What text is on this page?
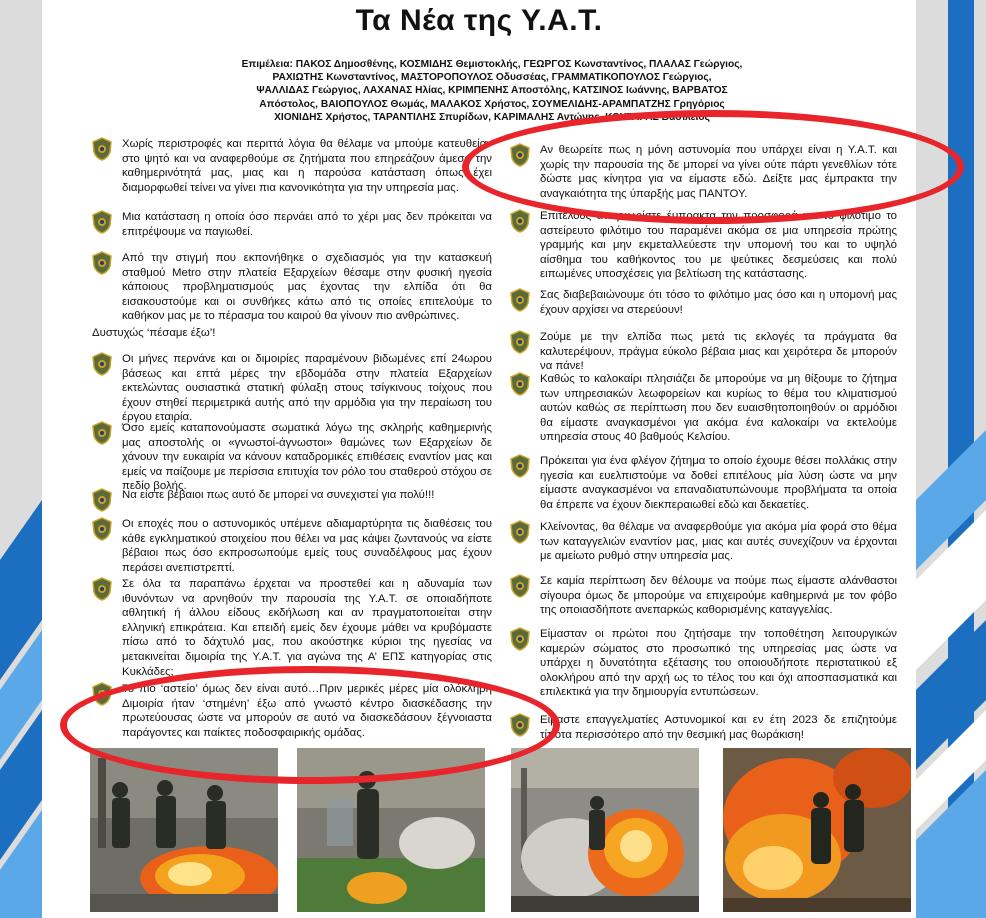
Τα Νέα της Υ.Α.Τ.
Επιμέλεια: ΠΑΚΟΣ Δημοσθένης, ΚΟΣΜΙΔΗΣ Θεμιστοκλής, ΓΕΩΡΓΟΣ Κωνσταντίνος, ΠΛΑΛΑΣ Γεώργιος,
ΡΑΧΙΩΤΗΣ Κωνσταντίνος, ΜΑΣΤΟΡΟΠΟΥΛΟΣ Οδυσσέας, ΓΡΑΜΜΑΤΙΚΟΠΟΥΛΟΣ Γεώργιος,
ΨΑΛΛΙΔΑΣ Γεώργιος, ΛΑΧΑΝΑΣ Ηλίας, ΚΡΙΜΠΕΝΗΣ Αποστόλης, ΚΑΤΣΙΝΟΣ Ιωάννης, ΒΑΡΒΑΤΟΣ
Απόστολος, ΒΑΙΟΠΟΥΛΟΣ Θωμάς, ΜΑΛΑΚΟΣ Χρήστος, ΣΟΥΜΕΛΙΔΗΣ-ΑΡΑΜΠΑΤΖΗΣ Γρηγόριος
ΧΙΟΝΙΔΗΣ Χρήστος, ΤΑΡΑΝΤΙΛΗΣ Σπυρίδων, ΚΑΡΙΜΑΛΗΣ Αντώνης, ΚΟΥΤΑΡΑΣ Βασίλειος
Χωρίς περιστροφές και περιττά λόγια θα θέλαμε να μπούμε κατευθείαν στο ψητό και να αναφερθούμε σε ζητήματα που επηρεάζουν άμεσα την καθημερινότητά μας, μιας και η παρούσα κατάσταση όπως έχει διαμορφωθεί τείνει να γίνει πια κανονικότητα για την υπηρεσία μας.
Μια κατάσταση η οποία όσο περνάει από το χέρι μας δεν πρόκειται να επιτρέψουμε να παγιωθεί.
Από την στιγμή που εκπονήθηκε ο σχεδιασμός για την κατασκευή σταθμού Metro στην πλατεία Εξαρχείων θέσαμε στην φυσική ηγεσία κάποιους προβληματισμούς μας έχοντας την ελπίδα ότι θα εισακουστούμε και οι συνθήκες κάτω από τις οποίες επιτελούμε το καθήκον μας με το πέρασμα του καιρού θα γίνουν πιο ανθρώπινες.
Δυστυχώς ‘πέσαμε έξω’!
Οι μήνες περνάνε και οι διμοιρίες παραμένουν βιδωμένες επί 24ωρου βάσεως και επτά μέρες την εβδομάδα στην πλατεία Εξαρχείων εκτελώντας ουσιαστικά στατική φύλαξη στους τσίγκινους τοίχους που έχουν στηθεί περιμετρικά αυτής από την αρμόδια για την περαίωση του έργου εταιρία.
Όσο εμείς καταπονούμαστε σωματικά λόγω της σκληρής καθημερινής μας αποστολής οι «γνωστοί-άγνωστοι» θαμώνες των Εξαρχείων δε χάνουν την ευκαιρία να κάνουν καταδρομικές επιθέσεις εναντίον μας και εμείς να παίζουμε με περίσσια επιτυχία τον ρόλο του σταθερού στόχου σε πεδίο βολής.
Να είστε βέβαιοι πως αυτό δε μπορεί να συνεχιστεί για πολύ!!!
Οι εποχές που ο αστυνομικός υπέμενε αδιαμαρτύρητα τις διαθέσεις του κάθε εγκληματικού στοιχείου που θέλει να μας κάψει ζωντανούς να είστε βέβαιοι πως όσο εκπροσωπούμε εμείς τους συναδέλφους μας έχουν περάσει ανεπιστρεπτί.
Σε όλα τα παραπάνω έρχεται να προστεθεί και η αδυναμία των ιθυνόντων να αρνηθούν την παρουσία της Υ.Α.Τ. σε οποιαδήποτε αθλητική ή άλλου είδους εκδήλωση και αν πραγματοποιείται στην ελληνική επικράτεια. Και επειδή εμείς δεν έχουμε μάθει να κρυβόμαστε πίσω από το δάχτυλό μας, που ακούστηκε κύριοι της ηγεσίας να μετακινείται διμοιρία της Υ.Α.Τ. για αγώνα της Α’ ΕΠΣ κατηγορίας στις Κυκλάδες;
Το πιο ‘αστείο’ όμως δεν είναι αυτό…Πριν μερικές μέρες μία ολόκληρη Διμοιρία ήταν ‘στημένη’ έξω από γνωστό κέντρο διασκέδασης την πρωτεύουσας ώστε να μπορούν σε αυτό να διασκεδάσουν ξέγνοιαστα παράγοντες και παίκτες ποδοσφαιρικής ομάδας.
Αν θεωρείτε πως η μόνη αστυνομία που υπάρχει είναι η Υ.Α.Τ. και χωρίς την παρουσία της δε μπορεί να γίνει ούτε πάρτι γενεθλίων τότε δώστε μας κίνητρα για να είμαστε εδώ. Δείξτε μας έμπρακτα την αναγκαιότητα της ύπαρξής μας ΠΑΝΤΟΥ.
Επιτέλους αναγνωρίστε έμπρακτα την προσφορά και το φιλότιμο το αστείρευτο φιλότιμο του παραμένει ακόμα σε μια υπηρεσία πρώτης γραμμής και μην εκμεταλλεύεστε την υπομονή του και το υψηλό αίσθημα του καθήκοντος του με ψεύτικες δεσμεύσεις και πολύ ειπωμένες υποσχέσεις για βελτίωση της κατάστασης.
Σας διαβεβαιώνουμε ότι τόσο το φιλότιμο μας όσο και η υπομονή μας έχουν αρχίσει να στερεύουν!
Ζούμε με την ελπίδα πως μετά τις εκλογές τα πράγματα θα καλυτερέψουν, πράγμα εύκολο βέβαια μιας και χειρότερα δε μπορούν να πάνε!
Καθώς το καλοκαίρι πλησιάζει δε μπορούμε να μη θίξουμε το ζήτημα των υπηρεσιακών λεωφορείων και κυρίως το θέμα του κλιματισμού αυτών καθώς σε περίπτωση που δεν ευαισθητοποιηθούν οι αρμόδιοι θα είμαστε αναγκασμένοι για ακόμα ένα καλοκαίρι να εκτελούμε υπηρεσία στους 40 βαθμούς Κελσίου.
Πρόκειται για ένα φλέγον ζήτημα το οποίο έχουμε θέσει πολλάκις στην ηγεσία και ευελπιστούμε να δοθεί επιτέλους μία λύση ώστε να μην είμαστε αναγκασμένοι να επαναδιατυπώνουμε προβλήματα τα οποία θα έπρεπε να έχουν διεκπεραιωθεί εδώ και δεκαετίες.
Κλείνοντας, θα θέλαμε να αναφερθούμε για ακόμα μία φορά στο θέμα των καταγγελιών εναντίον μας, μιας και αυτές συνεχίζουν να έρχονται με αμείωτο ρυθμό στην υπηρεσία μας.
Σε καμία περίπτωση δεν θέλουμε να πούμε πως είμαστε αλάνθαστοι σίγουρα όμως δε μπορούμε να επιχειρούμε καθημερινά με τον φόβο της οποιασδήποτε ανεπαρκώς καθορισμένης καταγγελίας.
Είμασταν οι πρώτοι που ζητήσαμε την τοποθέτηση λειτουργικών καμερών σώματος στο προσωπικό της υπηρεσίας μας ώστε να υπάρχει η δυνατότητα εξέτασης του οποιουδήποτε περιστατικού εξ ολοκλήρου από την αρχή ως το τέλος του και όχι αποσπασματικά και επιλεκτικά για την δημιουργία εντυπώσεων.
Είμαστε επαγγελματίες Αστυνομικοί και εν έτη 2023 δε επιζητούμε τίποτα περισσότερο από την θεσμική μας θωράκιση!
